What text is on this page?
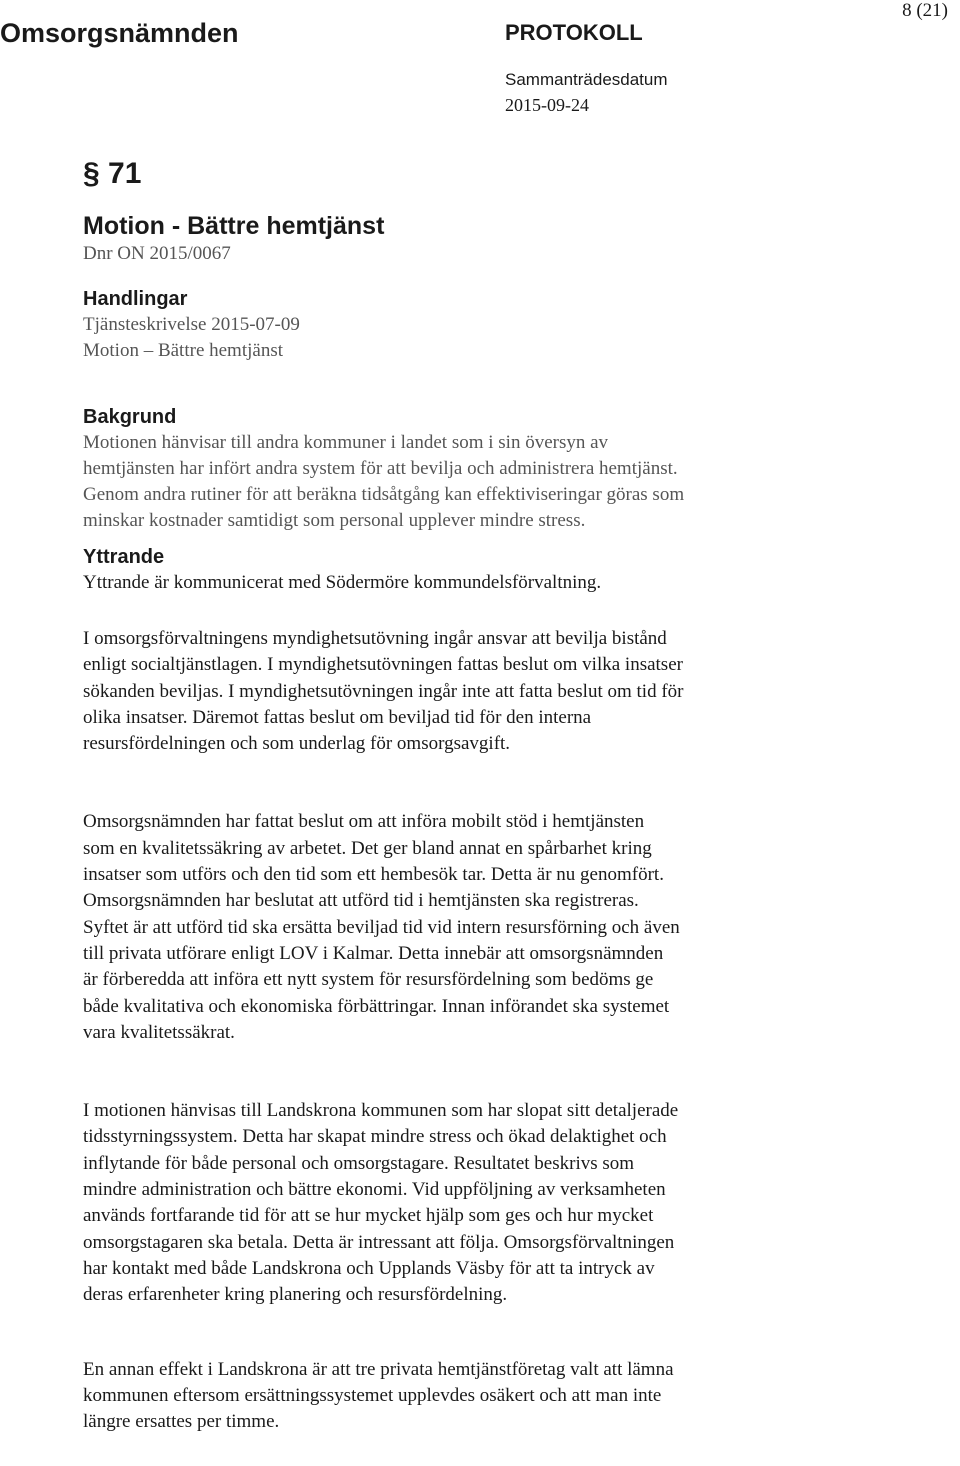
Omsorgsnämnden	PROTOKOLL
Sammanträdesdatum
2015-09-24
8 (21)

§ 71

Motion - Bättre hemtjänst

Dnr ON 2015/0067

Handlingar

Tjänsteskrivelse 2015-07-09

Motion – Bättre hemtjänst

Bakgrund

Motionen hänvisar till andra kommuner i landet som i sin översyn av

hemtjänsten har infört andra system för att bevilja och administrera hemtjänst.

Genom andra rutiner för att beräkna tidsåtgång kan effektiviseringar göras som

minskar kostnader samtidigt som personal upplever mindre stress.

Yttrande

Yttrande är kommunicerat med Södermöre kommundelsförvaltning.

I omsorgsförvaltningens myndighetsutövning ingår ansvar att bevilja bistånd

enligt socialtjänstlagen. I myndighetsutövningen fattas beslut om vilka insatser

sökanden beviljas. I myndighetsutövningen ingår inte att fatta beslut om tid för

olika insatser. Däremot fattas beslut om beviljad tid för den interna

resursfördelningen och som underlag för omsorgsavgift.

Omsorgsnämnden har fattat beslut om att införa mobilt stöd i hemtjänsten

som en kvalitetssäkring av arbetet. Det ger bland annat en spårbarhet kring

insatser som utförs och den tid som ett hembesök tar. Detta är nu genomfört.

Omsorgsnämnden har beslutat att utförd tid i hemtjänsten ska registreras.

Syftet är att utförd tid ska ersätta beviljad tid vid intern resursförning och även

till privata utförare enligt LOV i Kalmar. Detta innebär att omsorgsnämnden

är förberedda att införa ett nytt system för resursfördelning som bedöms ge

både kvalitativa och ekonomiska förbättringar. Innan införandet ska systemet

vara kvalitetssäkrat.

I motionen hänvisas till Landskrona kommunen som har slopat sitt detaljerade

tidsstyrningssystem. Detta har skapat mindre stress och ökad delaktighet och

inflytande för både personal och omsorgstagare. Resultatet beskrivs som

mindre administration och bättre ekonomi. Vid uppföljning av verksamheten

används fortfarande tid för att se hur mycket hjälp som ges och hur mycket

omsorgstagaren ska betala. Detta är intressant att följa. Omsorgsförvaltningen

har kontakt med både Landskrona och Upplands Väsby för att ta intryck av

deras erfarenheter kring planering och resursfördelning.

En annan effekt i Landskrona är att tre privata hemtjänstföretag valt att lämna

kommunen eftersom ersättningssystemet upplevdes osäkert och att man inte

längre ersattes per timme.
